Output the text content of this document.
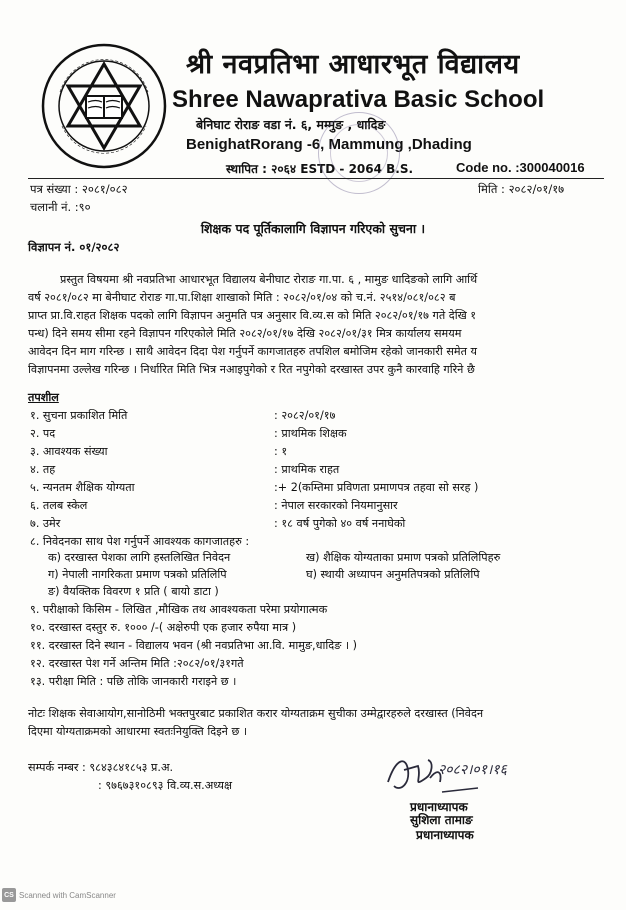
श्री नवप्रतिभा आधारभूत विद्यालय
Shree Nawaprativa Basic School
बेनिघाट रोराङ वडा नं. ६, मम्मुङ , धादिङ
BenighatRorang -6, Mammung ,Dhading
स्थापित : २०६४ ESTD - 2064 B.S.	Code no. :300040016
पत्र संख्या : २०८१/०८२
चलानी नं. :९०
मिति : २०८२/०१/१७
शिक्षक पद पूर्तिकालागि विज्ञापन गरिएको सुचना ।
विज्ञापन नं. ०१/२०८२
प्रस्तुत विषयमा श्री नवप्रतिभा आधारभूत विद्यालय बेनीघाट रोराङ गा.पा. ६ , मामुङ धादिङको लागि आर्थि
वर्ष २०८१/०८२ मा बेनीघाट रोराङ गा.पा.शिक्षा शाखाको मिति : २०८२/०१/०४ को च.नं. २५१४/०८१/०८२ ब
प्राप्त प्रा.वि.राहत शिक्षक पदको लागि विज्ञापन अनुमति पत्र अनुसार वि.व्य.स को मिति २०८२/०१/१७ गते देखि १
पन्ध) दिने समय सीमा रहने विज्ञापन गरिएकोले मिति २०८२/०१/१७ देखि २०८२/०१/३१ मित्र कार्यालय समयम
आवेदन दिन माग गरिन्छ । साथै आवेदन दिदा पेश गर्नुपर्ने कागजातहरु तपशिल बमोजिम रहेको जानकारी समेत य
विज्ञापनमा उल्लेख गरिन्छ । निर्धारित मिति भित्र नआइपुगेको र रित नपुगेको दरखास्त उपर कुनै कारवाहि गरिने छै
तपशील
१. सुचना प्रकाशित मिति	: २०८२/०१/१७
२. पद	: प्राथमिक शिक्षक
३. आवश्यक संख्या	: १
४. तह	: प्राथमिक राहत
५. न्यनतम शैक्षिक योग्यता	:+ 2(कम्तिमा प्रविणता प्रमाणपत्र तहवा सो सरह )
६. तलब स्केल	: नेपाल सरकारको नियमानुसार
७. उमेर	: १८ वर्ष पुगेको ४० वर्ष ननाघेको
८. निवेदनका साथ पेश गर्नुपर्ने आवश्यक कागजातहरु :
क) दरखास्त पेशका लागि हस्तलिखित निवेदन	ख) शैक्षिक योग्यताका प्रमाण पत्रको प्रतिलिपिहरु
ग) नेपाली नागरिकता प्रमाण पत्रको प्रतिलिपि	घ) स्थायी अध्यापन अनुमतिपत्रको प्रतिलिपि
ङ) वैयक्तिक विवरण १ प्रति ( बायो डाटा )
९. परीक्षाको किसिम - लिखित ,मौखिक तथ आवश्यकता परेमा प्रयोगात्मक
१०. दरखास्त दस्तुर रु. १००० /-( अक्षेरुपी एक हजार रुपैया मात्र )
११. दरखास्त दिने स्थान - विद्यालय भवन (श्री नवप्रतिभा आ.वि. मामुङ,धादिङ । )
१२. दरखास्त पेश गर्ने अन्तिम मिति :२०८२/०१/३१गते
१३. परीक्षा मिति : पछि तोकि जानकारी गराइने छ ।
नोटः शिक्षक सेवाआयोग,सानोठिमी भक्तपुरबाट प्रकाशित करार योग्यताक्रम सुचीका उम्मेद्वारहरुले दरखास्त (निवेदन
दिएमा योग्यताक्रमको आधारमा स्वतःनियुक्ति दिइने छ ।
सम्पर्क नम्बर : ९८४३८४१८५३ प्र.अ.
: ९७६७३१०८९३ वि.व्य.स.अध्यक्ष
२०८२।०१।१६
प्रधानाध्यापक
सुशिला तामाङ
प्रधानाध्यापक
CS Scanned with CamScanner
